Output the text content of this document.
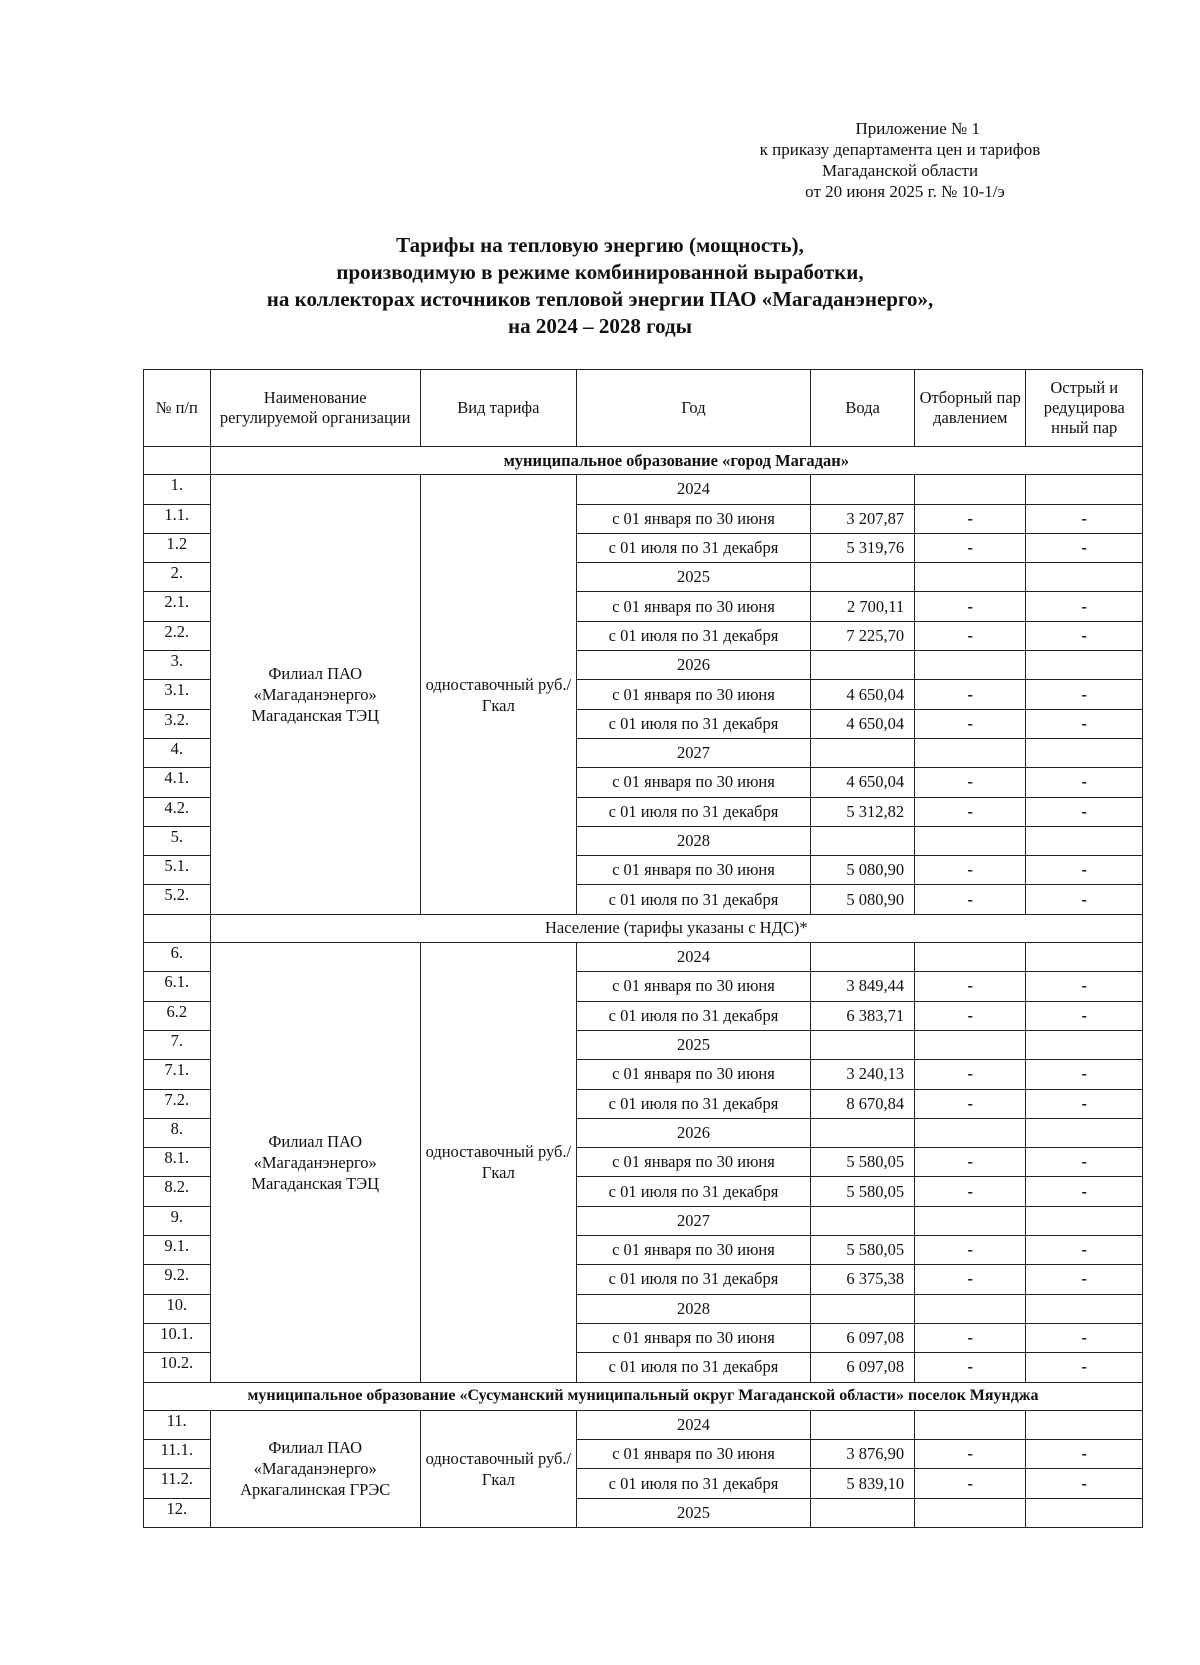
Приложение № 1
к приказу департамента цен и тарифов
Магаданской области
от 20 июня 2025 г. № 10-1/э
Тарифы на тепловую энергию (мощность),
производимую в режиме комбинированной выработки,
на коллекторах источников тепловой энергии ПАО «Магаданэнерго»,
на 2024 – 2028 годы
№ п/п	Наименование регулируемой организации	Вид тарифа	Год	Вода	Отборный пар давлением	Острый и редуцирова нный пар
	муниципальное образование «город Магадан»					
1.	Филиал ПАО «Магаданэнерго» Магаданская ТЭЦ	одноставочный руб./Гкал	2024			
1.1.			с 01 января по 30 июня	3 207,87	-	-
1.2			с 01 июля по 31 декабря	5 319,76	-	-
2.			2025			
2.1.			с 01 января по 30 июня	2 700,11	-	-
2.2.			с 01 июля по 31 декабря	7 225,70	-	-
3.			2026			
3.1.			с 01 января по 30 июня	4 650,04	-	-
3.2.			с 01 июля по 31 декабря	4 650,04	-	-
4.			2027			
4.1.			с 01 января по 30 июня	4 650,04	-	-
4.2.			с 01 июля по 31 декабря	5 312,82	-	-
5.			2028			
5.1.			с 01 января по 30 июня	5 080,90	-	-
5.2.			с 01 июля по 31 декабря	5 080,90	-	-
	Население (тарифы указаны с НДС)*					
6.	Филиал ПАО «Магаданэнерго» Магаданская ТЭЦ	одноставочный руб./Гкал	2024			
6.1.			с 01 января по 30 июня	3 849,44	-	-
6.2			с 01 июля по 31 декабря	6 383,71	-	-
7.			2025			
7.1.			с 01 января по 30 июня	3 240,13	-	-
7.2.			с 01 июля по 31 декабря	8 670,84	-	-
8.			2026			
8.1.			с 01 января по 30 июня	5 580,05	-	-
8.2.			с 01 июля по 31 декабря	5 580,05	-	-
9.			2027			
9.1.			с 01 января по 30 июня	5 580,05	-	-
9.2.			с 01 июля по 31 декабря	6 375,38	-	-
10.			2028			
10.1.			с 01 января по 30 июня	6 097,08	-	-
10.2.			с 01 июля по 31 декабря	6 097,08	-	-
муниципальное образование «Сусуманский муниципальный округ Магаданской области» поселок Мяунджа						
11.	Филиал ПАО «Магаданэнерго» Аркагалинская ГРЭС	одноставочный руб./Гкал	2024			
11.1.			с 01 января по 30 июня	3 876,90	-	-
11.2.			с 01 июля по 31 декабря	5 839,10	-	-
12.			2025			
